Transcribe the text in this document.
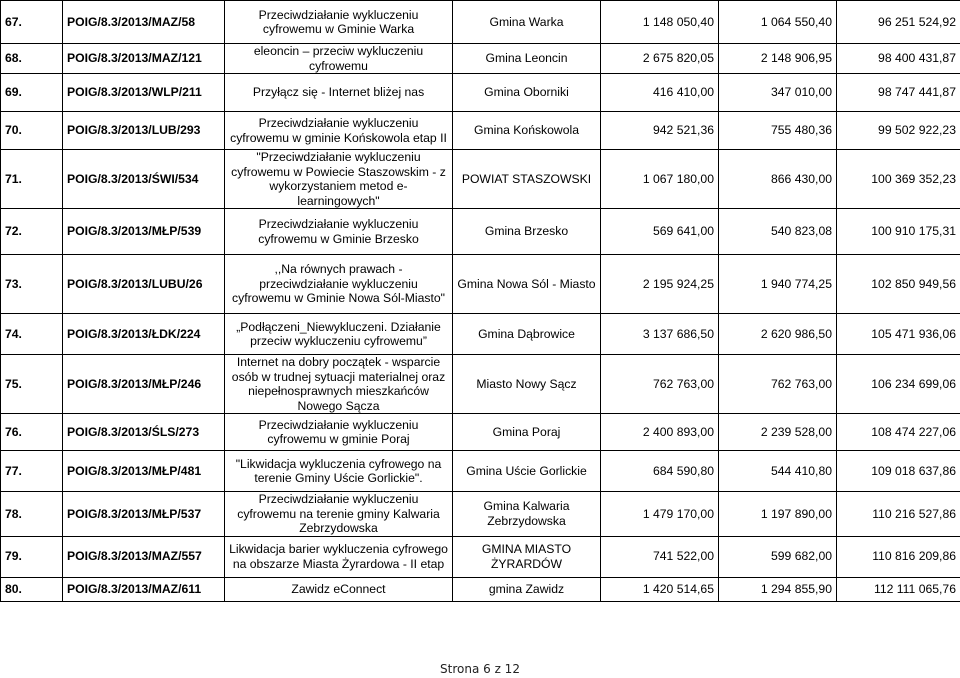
67.	POIG/8.3/2013/MAZ/58	Przeciwdziałanie wykluczeniu cyfrowemu w Gminie Warka	Gmina Warka	1 148 050,40	1 064 550,40	96 251 524,92
68.	POIG/8.3/2013/MAZ/121	eleoncin – przeciw wykluczeniu cyfrowemu	Gmina Leoncin	2 675 820,05	2 148 906,95	98 400 431,87
69.	POIG/8.3/2013/WLP/211	Przyłącz się - Internet bliżej nas	Gmina Oborniki	416 410,00	347 010,00	98 747 441,87
70.	POIG/8.3/2013/LUB/293	Przeciwdziałanie wykluczeniu cyfrowemu w gminie Końskowola etap II	Gmina Końskowola	942 521,36	755 480,36	99 502 922,23
71.	POIG/8.3/2013/ŚWI/534	"Przeciwdziałanie wykluczeniu cyfrowemu w Powiecie Staszowskim - z wykorzystaniem metod e-learningowych"	POWIAT STASZOWSKI	1 067 180,00	866 430,00	100 369 352,23
72.	POIG/8.3/2013/MŁP/539	Przeciwdziałanie wykluczeniu cyfrowemu w Gminie Brzesko	Gmina Brzesko	569 641,00	540 823,08	100 910 175,31
73.	POIG/8.3/2013/LUBU/26	,,Na równych prawach - przeciwdziałanie wykluczeniu cyfrowemu w Gminie Nowa Sól-Miasto"	Gmina Nowa Sól - Miasto	2 195 924,25	1 940 774,25	102 850 949,56
74.	POIG/8.3/2013/ŁDK/224	„Podłączeni_Niewykluczeni. Działanie przeciw wykluczeniu cyfrowemu”	Gmina Dąbrowice	3 137 686,50	2 620 986,50	105 471 936,06
75.	POIG/8.3/2013/MŁP/246	Internet na dobry początek - wsparcie osób w trudnej sytuacji materialnej oraz niepełnosprawnych mieszkańców Nowego Sącza	Miasto Nowy Sącz	762 763,00	762 763,00	106 234 699,06
76.	POIG/8.3/2013/ŚLS/273	Przeciwdziałanie wykluczeniu cyfrowemu w gminie Poraj	Gmina Poraj	2 400 893,00	2 239 528,00	108 474 227,06
77.	POIG/8.3/2013/MŁP/481	"Likwidacja wykluczenia cyfrowego na terenie Gminy Uście Gorlickie".	Gmina Uście Gorlickie	684 590,80	544 410,80	109 018 637,86
78.	POIG/8.3/2013/MŁP/537	Przeciwdziałanie wykluczeniu cyfrowemu na terenie gminy Kalwaria Zebrzydowska	Gmina Kalwaria Zebrzydowska	1 479 170,00	1 197 890,00	110 216 527,86
79.	POIG/8.3/2013/MAZ/557	Likwidacja barier wykluczenia cyfrowego na obszarze Miasta Żyrardowa - II etap	GMINA MIASTO ŻYRARDÓW	741 522,00	599 682,00	110 816 209,86
80.	POIG/8.3/2013/MAZ/611	Zawidz eConnect	gmina Zawidz	1 420 514,65	1 294 855,90	112 111 065,76
Strona 6 z 12
